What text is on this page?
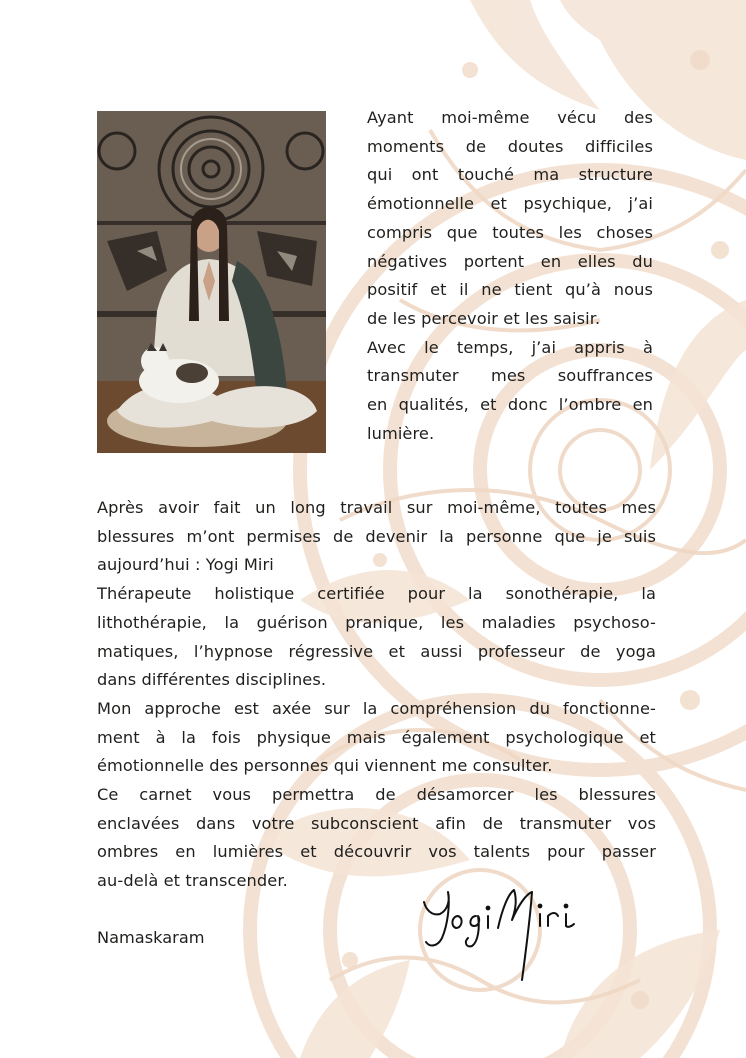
Ayant moi-même vécu des
moments de doutes difficiles
qui ont touché ma structure
émotionnelle et psychique, j’ai
compris que toutes les choses
négatives portent en elles du
positif et il ne tient qu’à nous
de les percevoir et les saisir.
Avec le temps, j’ai appris à
transmuter mes souffrances
en qualités, et donc l’ombre en
lumière.
Après avoir fait un long travail sur moi-même, toutes mes
blessures m’ont permises de devenir la personne que je suis
aujourd’hui : Yogi Miri
Thérapeute holistique certifiée pour la sonothérapie, la
lithothérapie, la guérison pranique, les maladies psychoso-
matiques, l’hypnose régressive et aussi professeur de yoga
dans différentes disciplines.
Mon approche est axée sur la compréhension du fonctionne-
ment à la fois physique mais également psychologique et
émotionnelle des personnes qui viennent me consulter.
Ce carnet vous permettra de désamorcer les blessures
enclavées dans votre subconscient afin de transmuter vos
ombres en lumières et découvrir vos talents pour passer
au-delà et transcender.
Namaskaram
